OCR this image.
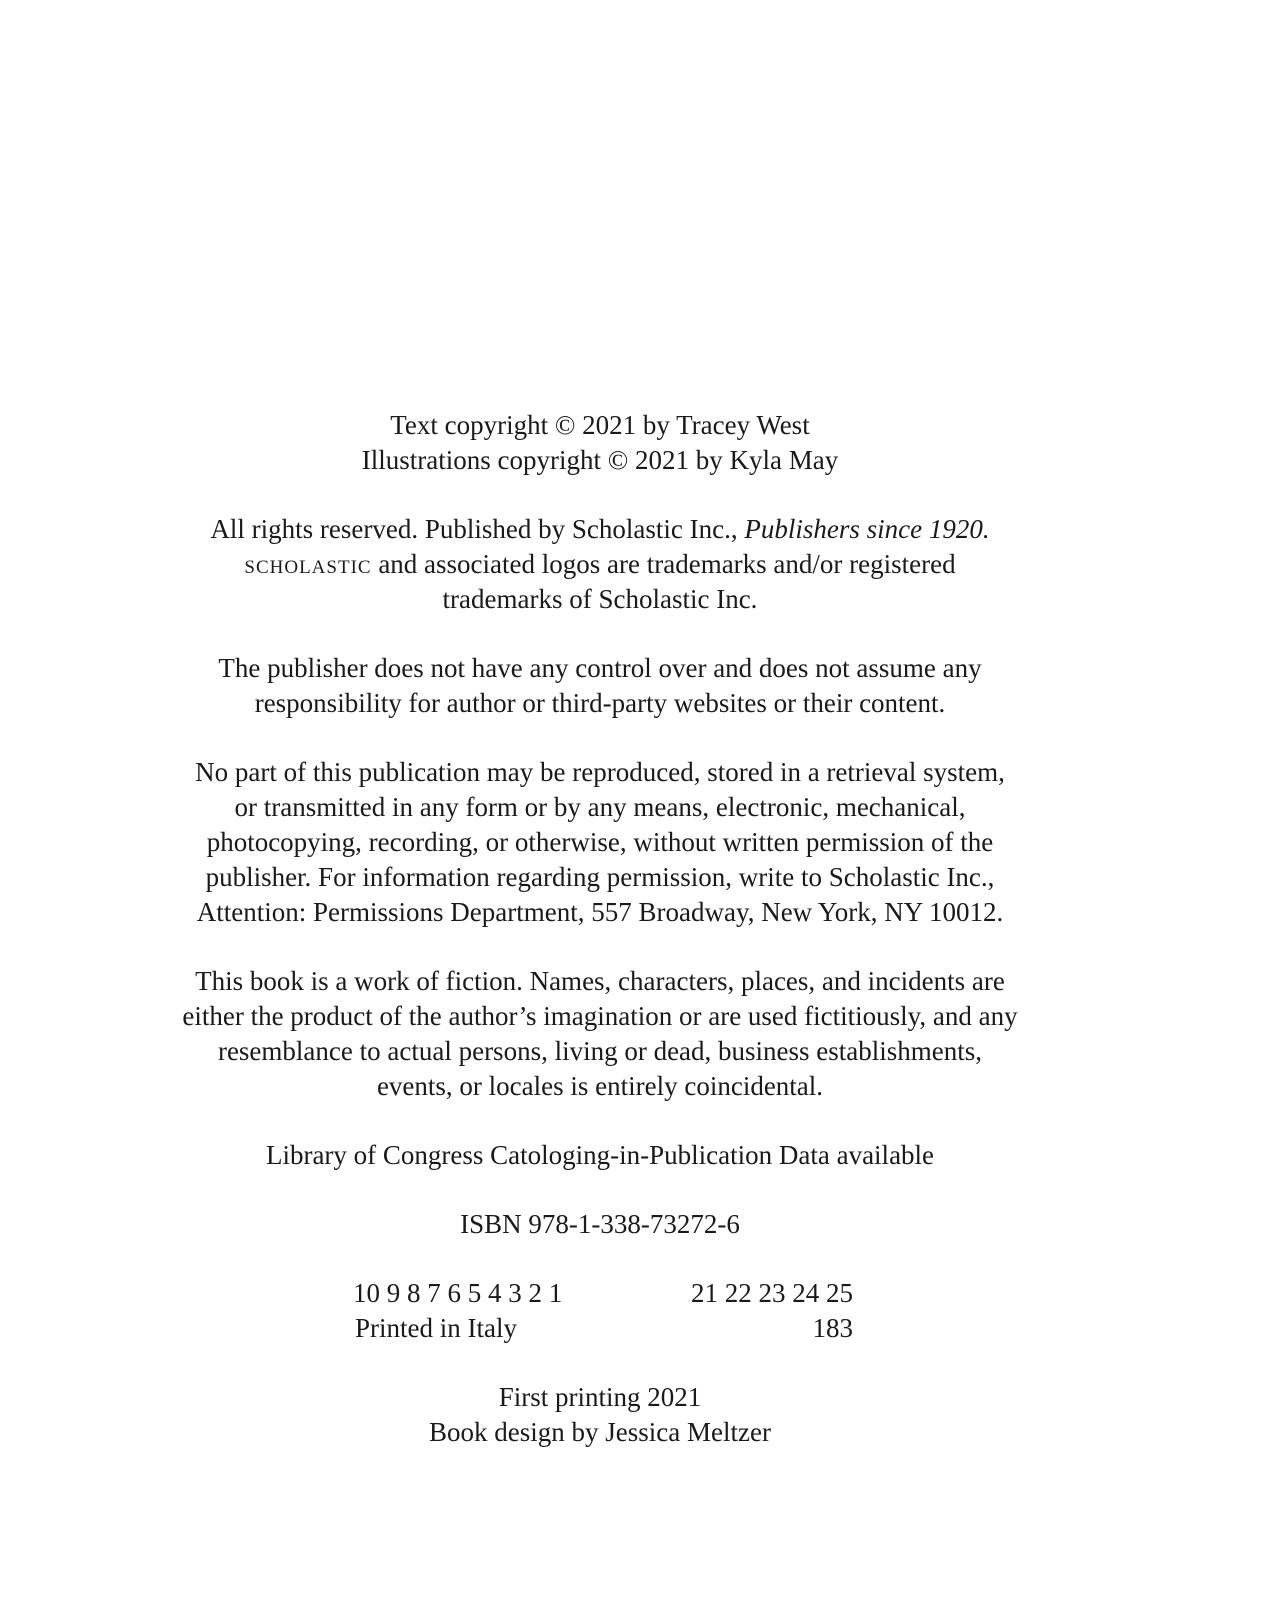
Text copyright © 2021 by Tracey West
Illustrations copyright © 2021 by Kyla May
All rights reserved. Published by Scholastic Inc., Publishers since 1920.
scholastic and associated logos are trademarks and/or registered
trademarks of Scholastic Inc.
The publisher does not have any control over and does not assume any
responsibility for author or third-party websites or their content.
No part of this publication may be reproduced, stored in a retrieval system,
or transmitted in any form or by any means, electronic, mechanical,
photocopying, recording, or otherwise, without written permission of the
publisher. For information regarding permission, write to Scholastic Inc.,
Attention: Permissions Department, 557 Broadway, New York, NY 10012.
This book is a work of fiction. Names, characters, places, and incidents are
either the product of the author’s imagination or are used fictitiously, and any
resemblance to actual persons, living or dead, business establishments,
events, or locales is entirely coincidental.
Library of Congress Catologing-in-Publication Data available
ISBN 978-1-338-73272-6
10 9 8 7 6 5 4 3 2 1	21 22 23 24 25
Printed in Italy	183
First printing 2021
Book design by Jessica Meltzer
